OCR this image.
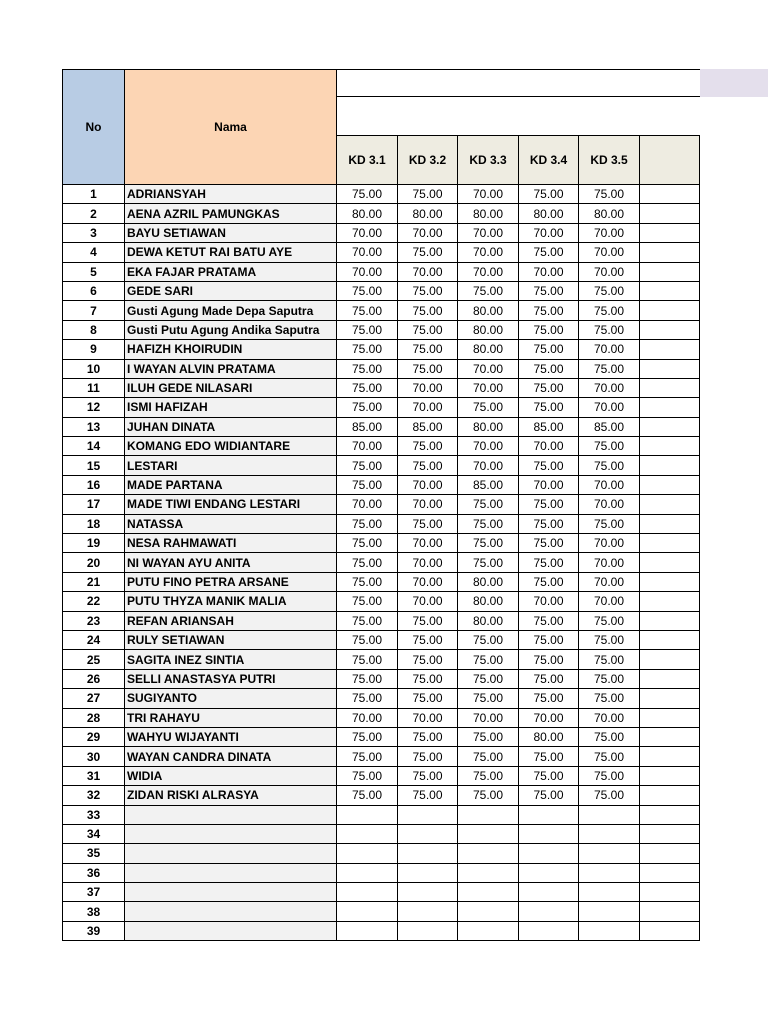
No	Nama						

		KD 3.1	KD 3.2	KD 3.3	KD 3.4	KD 3.5	
1	ADRIANSYAH	75.00	75.00	70.00	75.00	75.00	
2	AENA AZRIL PAMUNGKAS	80.00	80.00	80.00	80.00	80.00	
3	BAYU SETIAWAN	70.00	70.00	70.00	70.00	70.00	
4	DEWA KETUT RAI BATU AYE	70.00	75.00	70.00	75.00	70.00	
5	EKA FAJAR PRATAMA	70.00	70.00	70.00	70.00	70.00	
6	GEDE SARI	75.00	75.00	75.00	75.00	75.00	
7	Gusti Agung Made Depa Saputra	75.00	75.00	80.00	75.00	75.00	
8	Gusti Putu Agung Andika Saputra	75.00	75.00	80.00	75.00	75.00	
9	HAFIZH KHOIRUDIN	75.00	75.00	80.00	75.00	70.00	
10	I WAYAN ALVIN PRATAMA	75.00	75.00	70.00	75.00	75.00	
11	ILUH GEDE NILASARI	75.00	70.00	70.00	75.00	70.00	
12	ISMI HAFIZAH	75.00	70.00	75.00	75.00	70.00	
13	JUHAN DINATA	85.00	85.00	80.00	85.00	85.00	
14	KOMANG EDO WIDIANTARE	70.00	75.00	70.00	70.00	75.00	
15	LESTARI	75.00	75.00	70.00	75.00	75.00	
16	MADE PARTANA	75.00	70.00	85.00	70.00	70.00	
17	MADE TIWI ENDANG LESTARI	70.00	70.00	75.00	75.00	70.00	
18	NATASSA	75.00	75.00	75.00	75.00	75.00	
19	NESA RAHMAWATI	75.00	70.00	75.00	75.00	70.00	
20	NI WAYAN AYU ANITA	75.00	70.00	75.00	75.00	70.00	
21	PUTU FINO PETRA ARSANE	75.00	70.00	80.00	75.00	70.00	
22	PUTU THYZA MANIK MALIA	75.00	70.00	80.00	70.00	70.00	
23	REFAN ARIANSAH	75.00	75.00	80.00	75.00	75.00	
24	RULY SETIAWAN	75.00	75.00	75.00	75.00	75.00	
25	SAGITA INEZ SINTIA	75.00	75.00	75.00	75.00	75.00	
26	SELLI ANASTASYA PUTRI	75.00	75.00	75.00	75.00	75.00	
27	SUGIYANTO	75.00	75.00	75.00	75.00	75.00	
28	TRI RAHAYU	70.00	70.00	70.00	70.00	70.00	
29	WAHYU WIJAYANTI	75.00	75.00	75.00	80.00	75.00	
30	WAYAN CANDRA DINATA	75.00	75.00	75.00	75.00	75.00	
31	WIDIA	75.00	75.00	75.00	75.00	75.00	
32	ZIDAN RISKI ALRASYA	75.00	75.00	75.00	75.00	75.00	
33							
34							
35							
36							
37							
38							
39							
